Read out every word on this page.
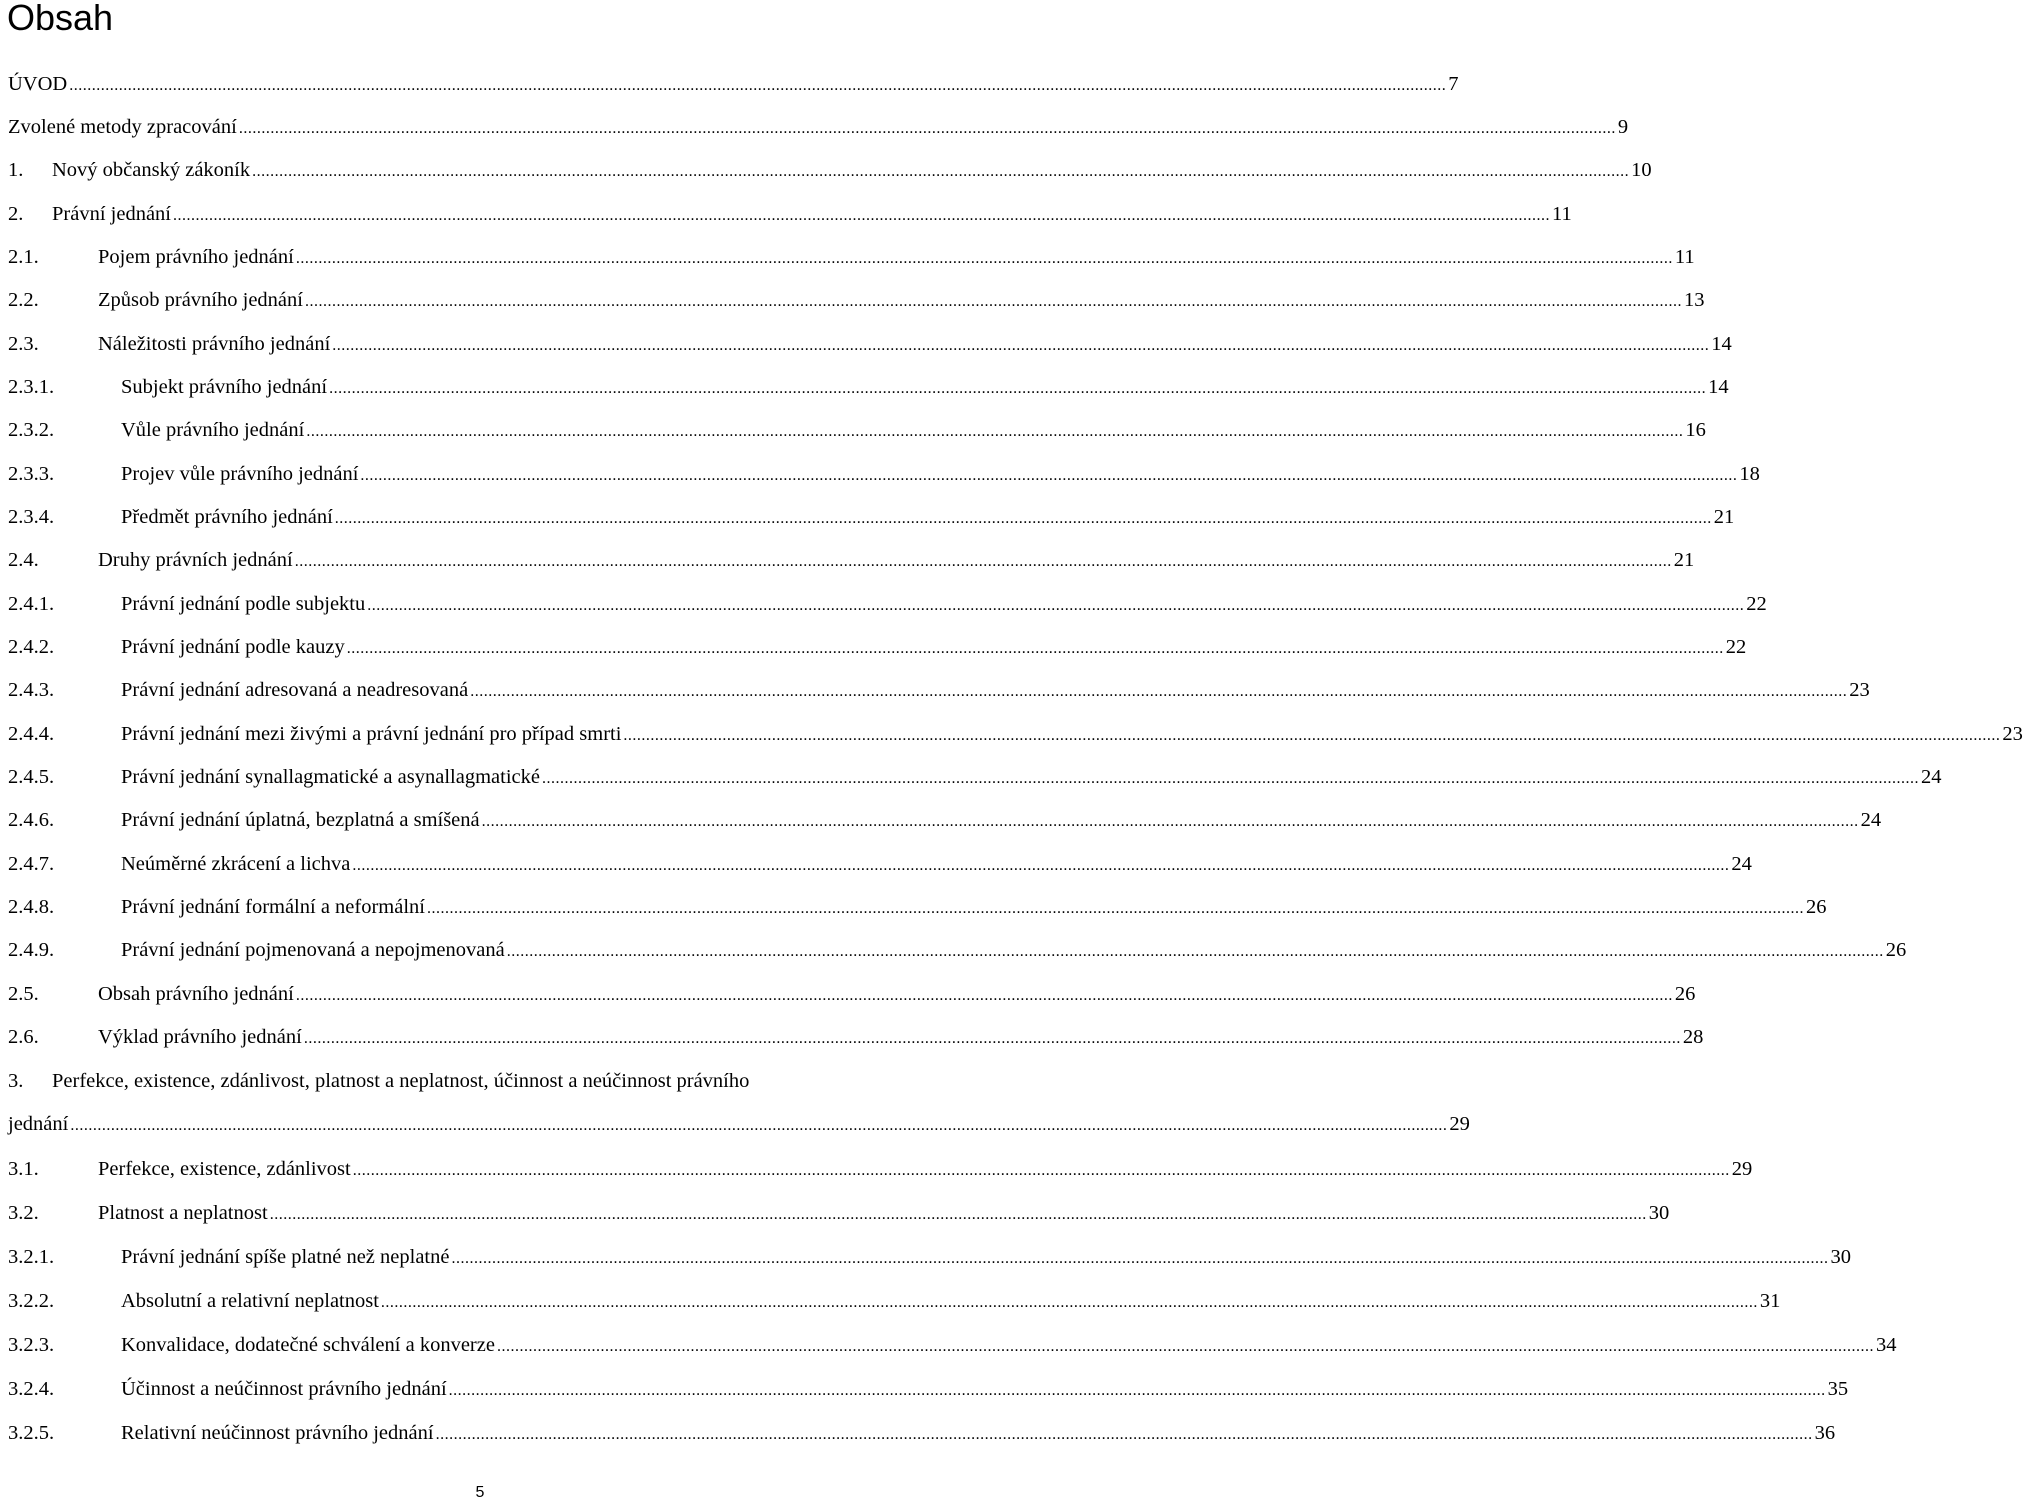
Obsah
ÚVOD .....	7
Zvolené metody zpracování .....	9
1.	Nový občanský zákoník .....	10
2.	Právní jednání .....	11
2.1.	Pojem právního jednání .....	11
2.2.	Způsob právního jednání .....	13
2.3.	Náležitosti právního jednání .....	14
2.3.1.	Subjekt právního jednání .....	14
2.3.2.	Vůle právního jednání .....	16
2.3.3.	Projev vůle právního jednání .....	18
2.3.4.	Předmět právního jednání .....	21
2.4.	Druhy právních jednání .....	21
2.4.1.	Právní jednání podle subjektu .....	22
2.4.2.	Právní jednání podle kauzy .....	22
2.4.3.	Právní jednání adresovaná a neadresovaná .....	23
2.4.4.	Právní jednání mezi živými a právní jednání pro případ smrti .....	23
2.4.5.	Právní jednání synallagmatické a asynallagmatické .....	24
2.4.6.	Právní jednání úplatná, bezplatná a smíšená .....	24
2.4.7.	Neúměrné zkrácení a lichva .....	24
2.4.8.	Právní jednání formální a neformální .....	26
2.4.9.	Právní jednání pojmenovaná a nepojmenovaná .....	26
2.5.	Obsah právního jednání .....	26
2.6.	Výklad právního jednání .....	28
3. Perfekce, existence, zdánlivost, platnost a neplatnost, účinnost a neúčinnost právního
jednání .....	29
3.1.	Perfekce, existence, zdánlivost .....	29
3.2.	Platnost a neplatnost .....	30
3.2.1.	Právní jednání spíše platné než neplatné .....	30
3.2.2.	Absolutní a relativní neplatnost .....	31
3.2.3.	Konvalidace, dodatečné schválení a konverze .....	34
3.2.4.	Účinnost a neúčinnost právního jednání .....	35
3.2.5.	Relativní neúčinnost právního jednání .....	36
5
